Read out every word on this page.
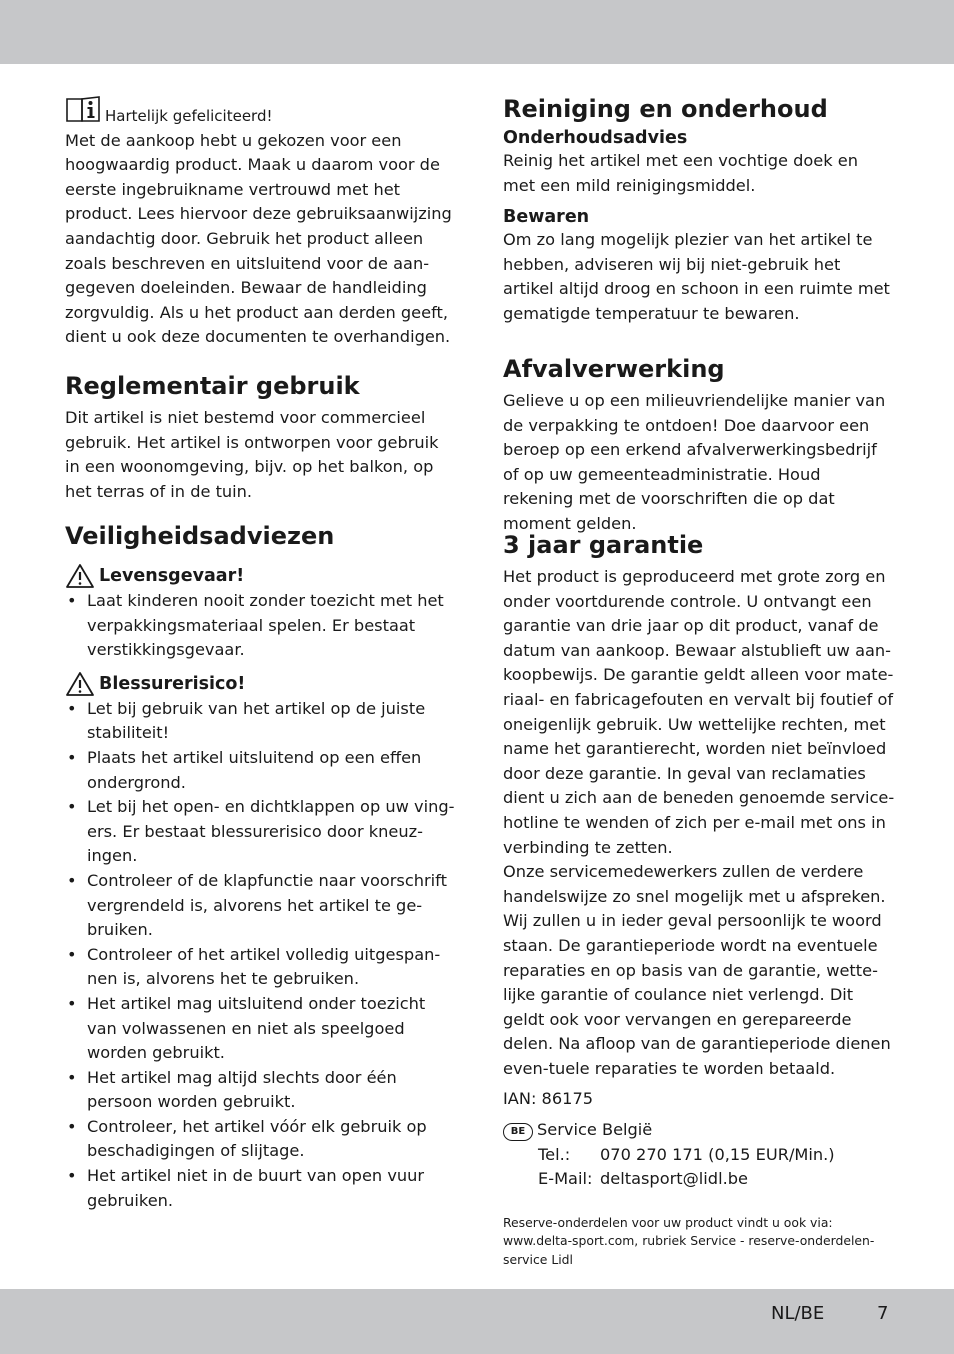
Hartelijk gefeliciteerd!

Met de aankoop hebt u gekozen voor een hoogwaardig product. Maak u daarom voor de eerste ingebruikname vertrouwd met het product. Lees hiervoor deze gebruiksaanwijzing aandachtig door. Gebruik het product alleen zoals beschreven en uitsluitend voor de aan-gegeven doeleinden. Bewaar de handleiding zorgvuldig. Als u het product aan derden geeft, dient u ook deze documenten te overhandigen.

Reglementair gebruik

Dit artikel is niet bestemd voor commercieel gebruik. Het artikel is ontworpen voor gebruik in een woonomgeving, bijv. op het balkon, op het terras of in de tuin.

Veiligheidsadviezen
Levensgevaar!
• Laat kinderen nooit zonder toezicht met het verpakkingsmateriaal spelen. Er bestaat verstikkingsgevaar.
Blessurerisico!
• Let bij gebruik van het artikel op de juiste stabiliteit!
• Plaats het artikel uitsluitend op een effen ondergrond.
• Let bij het open- en dichtklappen op uw ving-ers. Er bestaat blessurerisico door kneuz-ingen.
• Controleer of de klapfunctie naar voorschrift vergrendeld is, alvorens het artikel te ge-bruiken.
• Controleer of het artikel volledig uitgespan-nen is, alvorens het te gebruiken.
• Het artikel mag uitsluitend onder toezicht van volwassenen en niet als speelgoed worden gebruikt.
• Het artikel mag altijd slechts door één persoon worden gebruikt.
• Controleer, het artikel vóór elk gebruik op beschadigingen of slijtage.
• Het artikel niet in de buurt van open vuur gebruiken.
Reiniging en onderhoud
Onderhoudsadvies

Reinig het artikel met een vochtige doek en met een mild reinigingsmiddel.

Bewaren

Om zo lang mogelijk plezier van het artikel te hebben, adviseren wij bij niet-gebruik het artikel altijd droog en schoon in een ruimte met gematigde temperatuur te bewaren.

Afvalverwerking

Gelieve u op een milieuvriendelijke manier van de verpakking te ontdoen! Doe daarvoor een beroep op een erkend afvalverwerkingsbedrijf of op uw gemeenteadministratie. Houd rekening met de voorschriften die op dat moment gelden.

3 jaar garantie

Het product is geproduceerd met grote zorg en onder voortdurende controle. U ontvangt een garantie van drie jaar op dit product, vanaf de datum van aankoop. Bewaar alstublieft uw aan-koopbewijs. De garantie geldt alleen voor mate-riaal- en fabricagefouten en vervalt bij foutief of oneigenlijk gebruik. Uw wettelijke rechten, met name het garantierecht, worden niet beïnvloed door deze garantie. In geval van reclamaties dient u zich aan de beneden genoemde service-hotline te wenden of zich per e-mail met ons in verbinding te zetten.

Onze servicemedewerkers zullen de verdere handelswijze zo snel mogelijk met u afspreken. Wij zullen u in ieder geval persoonlijk te woord staan. De garantieperiode wordt na eventuele reparaties en op basis van de garantie, wette-lijke garantie of coulance niet verlengd. Dit geldt ook voor vervangen en gerepareerde delen. Na afloop van de garantieperiode dienen even-tuele reparaties te worden betaald.

IAN: 86175

BE Service België

Tel.:	070 270 171 (0,15 EUR/Min.)
E-Mail: deltasport@lidl.be

Reserve-onderdelen voor uw product vindt u ook via: www.delta-sport.com, rubriek Service - reserve-onderdelen-service Lidl

NL/BE	7
